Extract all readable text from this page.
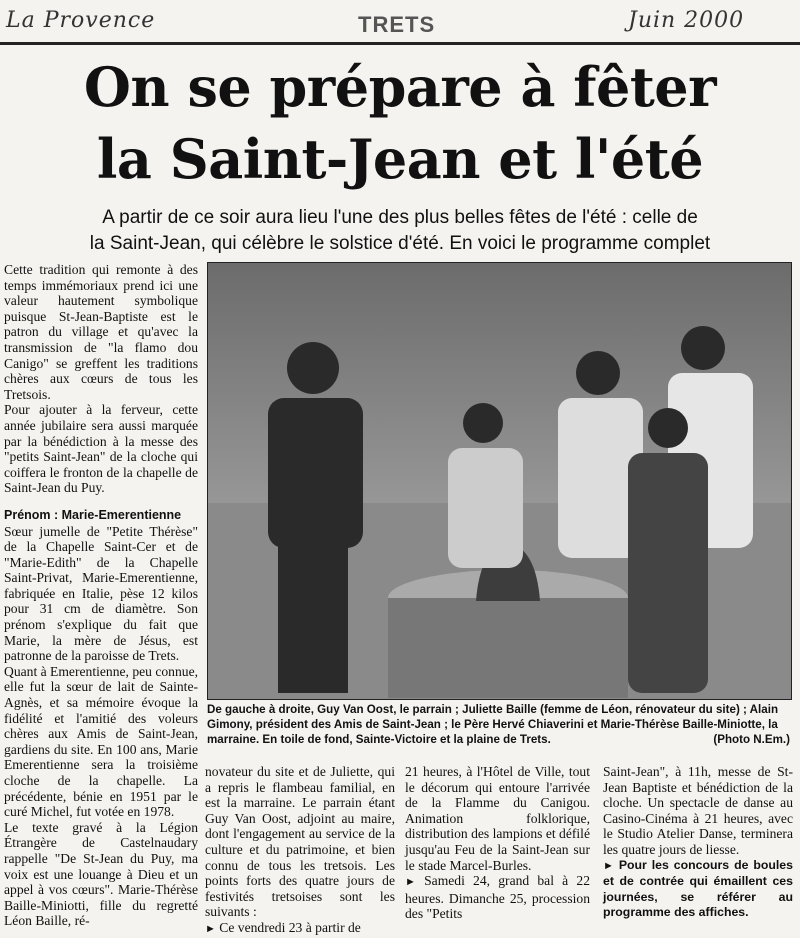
La Provence	TRETS	Juin 2000
On se prépare à fêter
la Saint-Jean et l'été
A partir de ce soir aura lieu l'une des plus belles fêtes de l'été : celle de
la Saint-Jean, qui célèbre le solstice d'été. En voici le programme complet

Cette tradition qui remonte à des temps immémoriaux prend ici une valeur hautement symbolique puisque St-Jean-Baptiste est le patron du village et qu'avec la transmission de "la flamo dou Canigo" se greffent les traditions chères aux cœurs de tous les Tretsois.

Pour ajouter à la ferveur, cette année jubilaire sera aussi marquée par la bénédiction à la messe des "petits Saint-Jean" de la cloche qui coiffera le fronton de la chapelle de Saint-Jean du Puy.

Prénom : Marie-Emerentienne

Sœur jumelle de "Petite Thérèse" de la Chapelle Saint-Cer et de "Marie-Edith" de la Chapelle Saint-Privat, Marie-Emerentienne, fabriquée en Italie, pèse 12 kilos pour 31 cm de diamètre. Son prénom s'explique du fait que Marie, la mère de Jésus, est patronne de la paroisse de Trets.

Quant à Emerentienne, peu connue, elle fut la sœur de lait de Sainte-Agnès, et sa mémoire évoque la fidélité et l'amitié des voleurs chères aux Amis de Saint-Jean, gardiens du site. En 100 ans, Marie Emerentienne sera la troisième cloche de la chapelle. La précédente, bénie en 1951 par le curé Michel, fut votée en 1978.

Le texte gravé à la Légion Étrangère de Castelnaudary rappelle "De St-Jean du Puy, ma voix est une louange à Dieu et un appel à vos cœurs". Marie-Thérèse Baille-Miniotti, fille du regretté Léon Baille, ré-

De gauche à droite, Guy Van Oost, le parrain ; Juliette Baille (femme de Léon, rénovateur du site) ; Alain Gimony, président des Amis de Saint-Jean ; le Père Hervé Chiaverini et Marie-Thérèse Baille-Miniotte, la marraine. En toile de fond, Sainte-Victoire et la plaine de Trets.	(Photo N.Em.)

novateur du site et de Juliette, qui a repris le flambeau familial, en est la marraine. Le parrain étant Guy Van Oost, adjoint au maire, dont l'engagement au service de la culture et du patrimoine, et bien connu de tous les tretsois. Les points forts des quatre jours de festivités tretsoises sont les suivants :

► Ce vendredi 23 à partir de

21 heures, à l'Hôtel de Ville, tout le décorum qui entoure l'arrivée de la Flamme du Canigou. Animation folklorique, distribution des lampions et défilé jusqu'au Feu de la Saint-Jean sur le stade Marcel-Burles.

► Samedi 24, grand bal à 22 heures. Dimanche 25, procession des "Petits

Saint-Jean", à 11h, messe de St-Jean Baptiste et bénédiction de la cloche. Un spectacle de danse au Casino-Cinéma à 21 heures, avec le Studio Atelier Danse, terminera les quatre jours de liesse.

► Pour les concours de boules et de contrée qui émaillent ces journées, se référer au programme des affiches.
